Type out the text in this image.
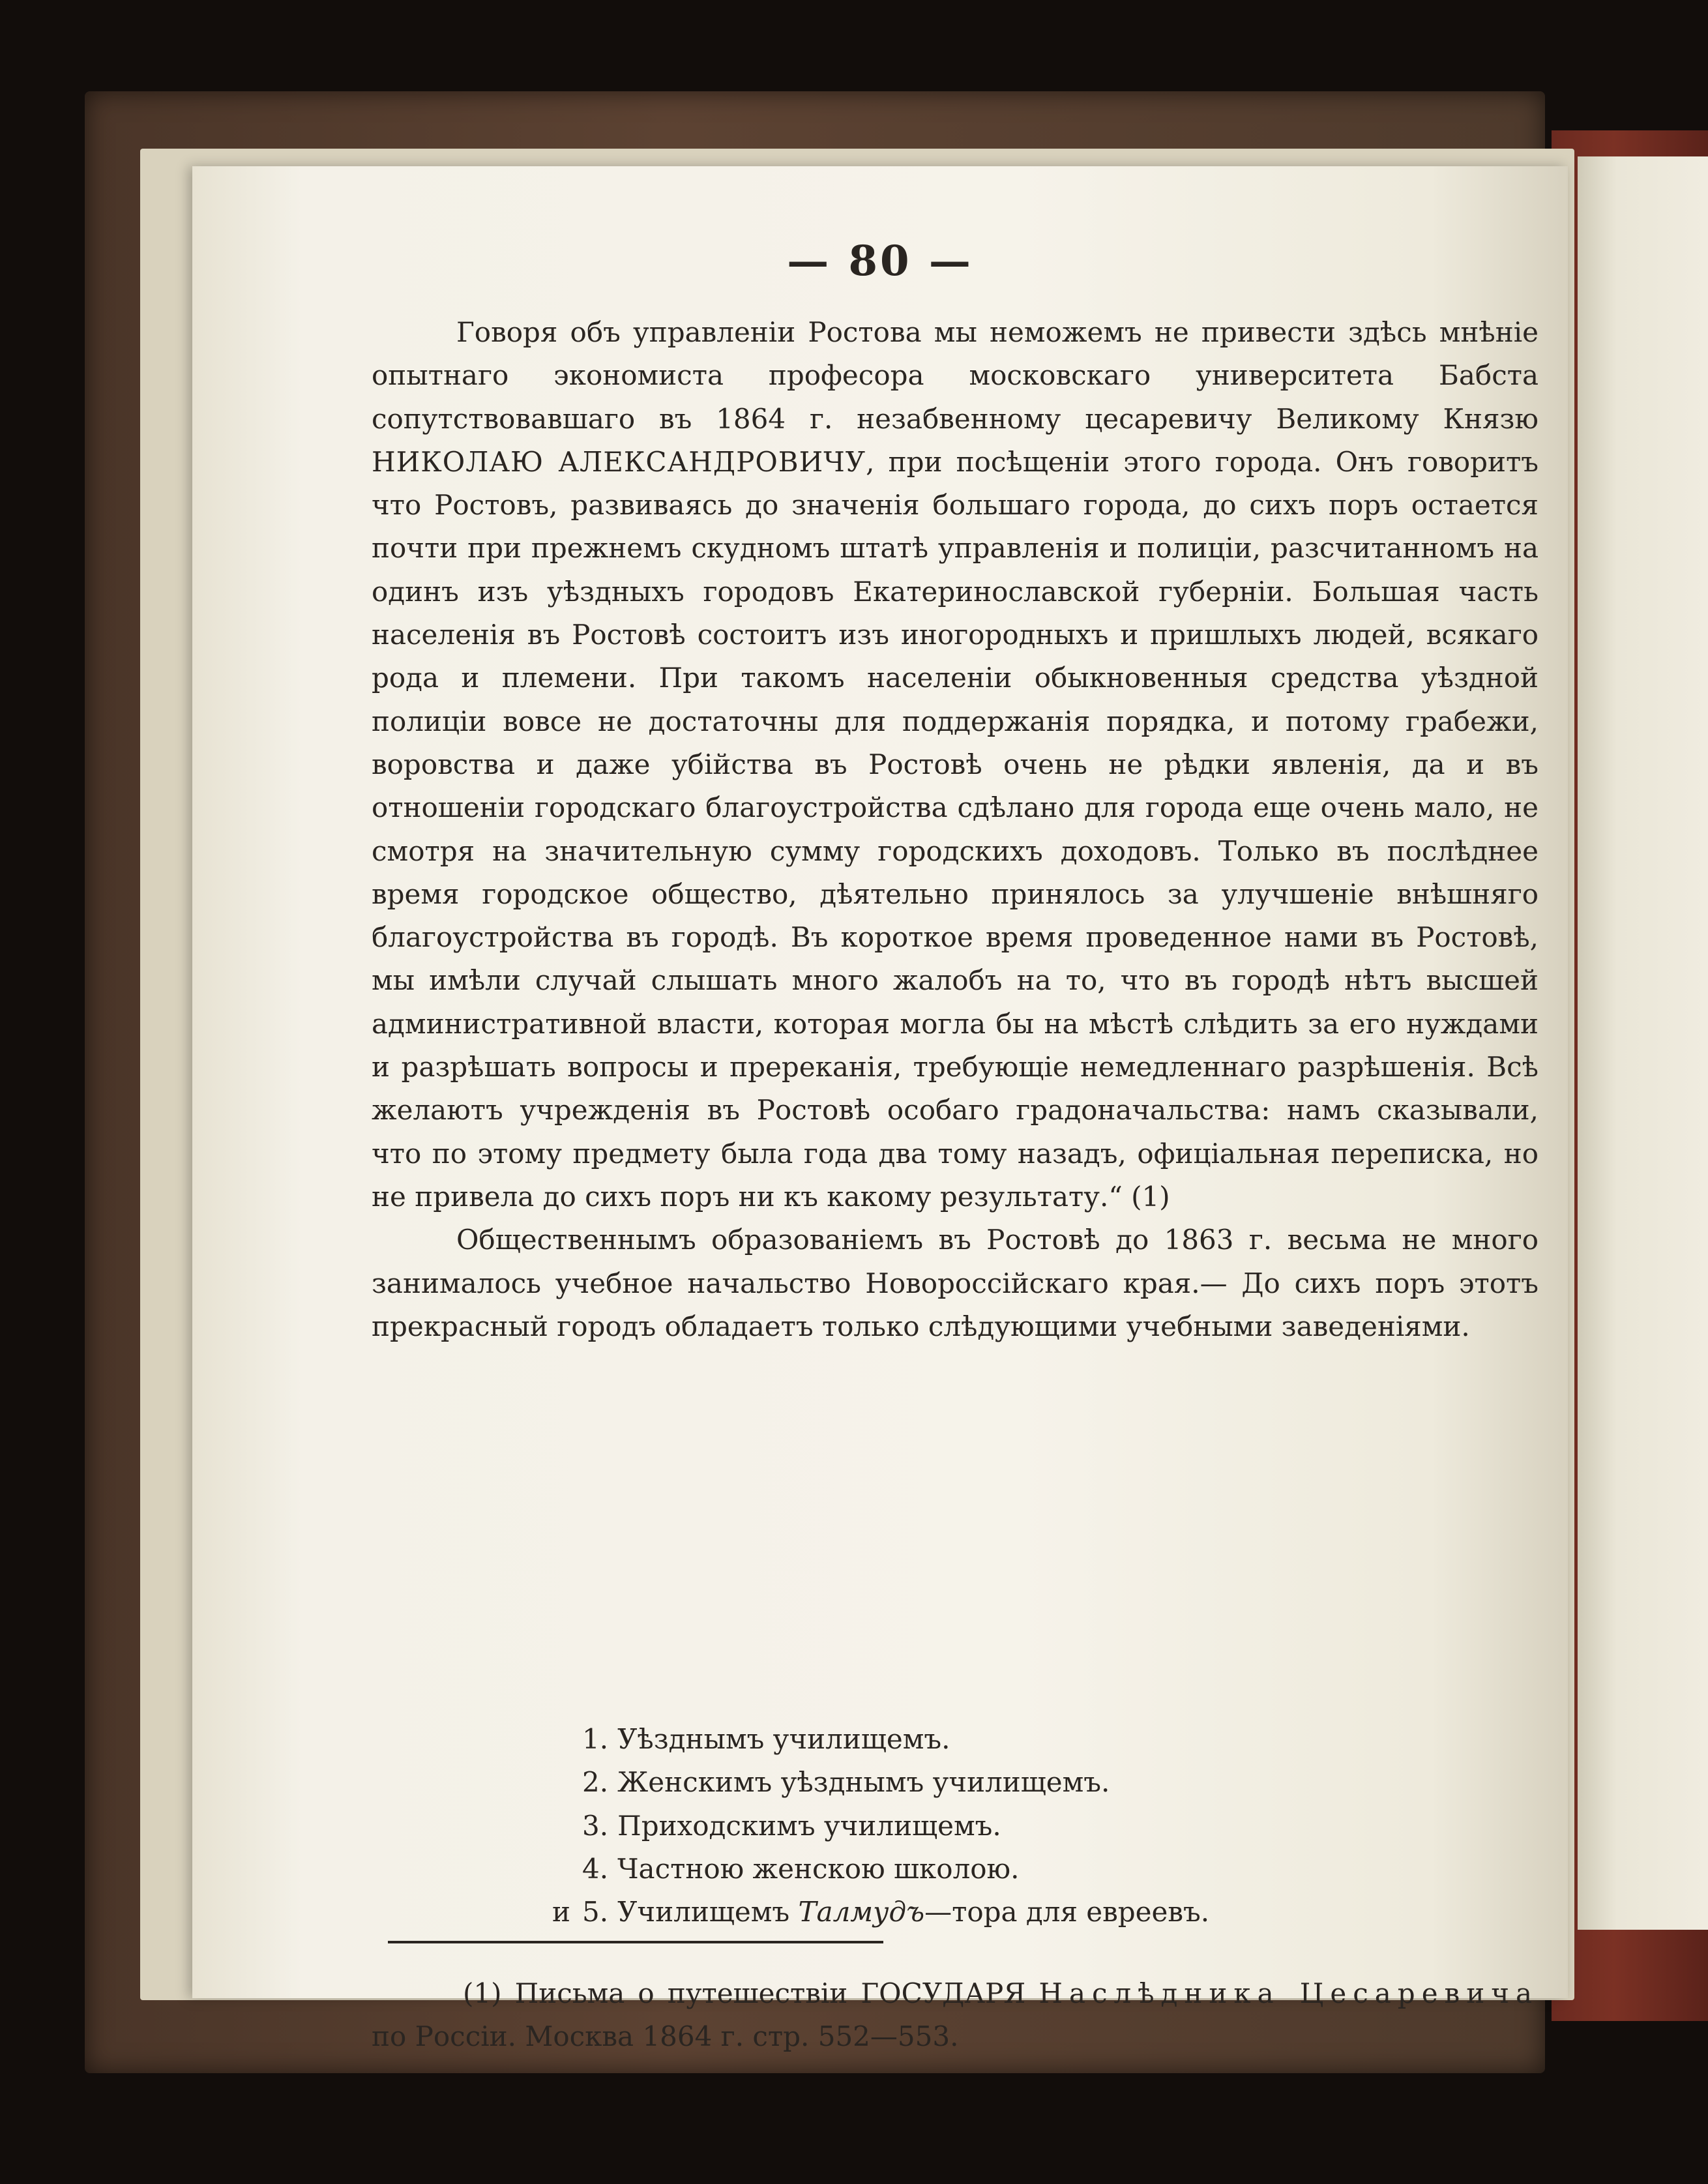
— 80 —

Говоря объ управленіи Ростова мы неможемъ не привести здѣсь мнѣніе опытнаго экономиста професора московскаго университета Бабста сопутствовавшаго въ 1864 г. незабвенному цесаревичу Великому Князю НИКОЛАЮ АЛЕКСАНДРОВИЧУ, при посѣщеніи этого города. Онъ говоритъ что Ростовъ, развиваясь до значенія большаго города, до сихъ поръ остается почти при прежнемъ скудномъ штатѣ управленія и полиціи, разсчитанномъ на одинъ изъ уѣздныхъ городовъ Екатеринославской губерніи. Большая часть населенія въ Ростовѣ состоитъ изъ иногородныхъ и пришлыхъ людей, всякаго рода и племени. При такомъ населеніи обыкновенныя средства уѣздной полиціи вовсе не достаточны для поддержанія порядка, и потому грабежи, воровства и даже убійства въ Ростовѣ очень не рѣдки явленія, да и въ отношеніи городскаго благоустройства сдѣлано для города еще очень мало, не смотря на значительную сумму городскихъ доходовъ. Только въ послѣднее время городское общество, дѣятельно принялось за улучшеніе внѣшняго благоустройства въ городѣ. Въ короткое время проведенное нами въ Ростовѣ, мы имѣли случай слышать много жалобъ на то, что въ городѣ нѣтъ высшей административной власти, которая могла бы на мѣстѣ слѣдить за его нуждами и разрѣшать вопросы и пререканія, требующіе немедленнаго разрѣшенія. Всѣ желаютъ учрежденія въ Ростовѣ особаго градоначальства: намъ сказывали, что по этому предмету была года два тому назадъ, офиціальная переписка, но не привела до сихъ поръ ни къ какому результату.“ (1)

Общественнымъ образованіемъ въ Ростовѣ до 1863 г. весьма не много занималось учебное начальство Новороссійскаго края.— До сихъ поръ этотъ прекрасный городъ обладаетъ только слѣдующими учебными заведеніями.

1. Уѣзднымъ училищемъ.
2. Женскимъ уѣзднымъ училищемъ.
3. Приходскимъ училищемъ.
4. Частною женскою школою.
и 5. Училищемъ Талмудъ—тора для евреевъ.

(1) Письма о путешествіи ГОСУДАРЯ Наслѣдника Цесаревича по Россіи. Москва 1864 г. стр. 552—553.
